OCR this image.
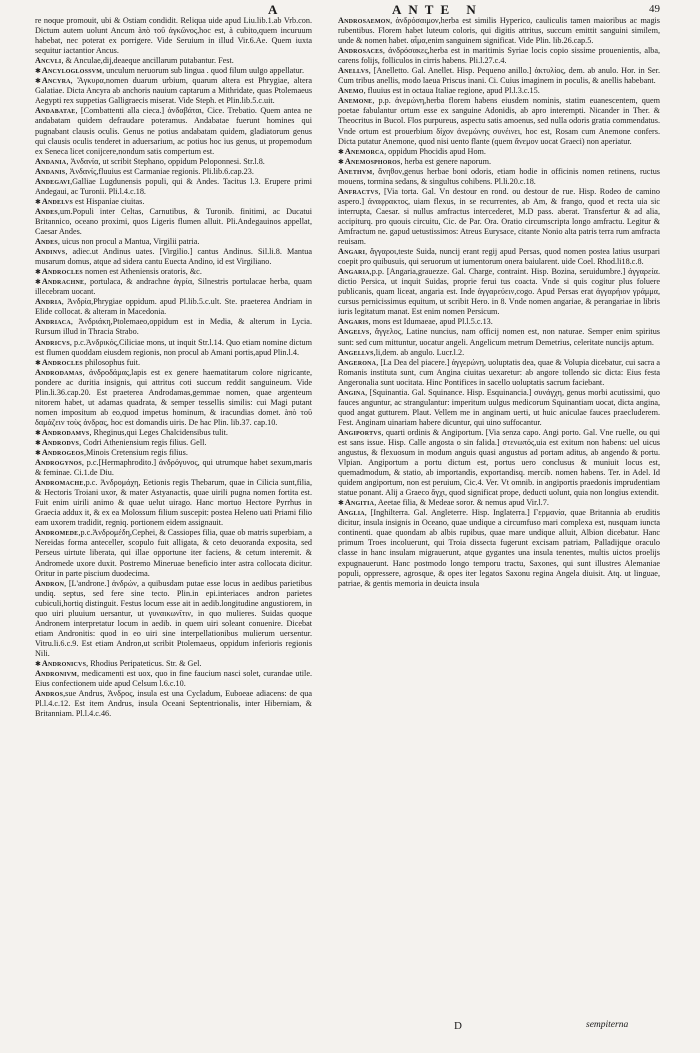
A	ANTE N	49

re nɵque promouit, ubi & Ostiam condidit. Reliqua uide apud Liu.lib.1.ab Vrb.con. Dictum autem uolunt Ancum àπὸ τοῦ ἀγκῶνος,hoc est, à cubito,quem incuruum habebat, nec poterat ex porrigere. Vide Seruium in illud Vir.6.Ae. Quem iuxta sequitur iactantior Ancus.

Ancvli, & Anculae,dij,deaeque ancillarum putabantur. Fest.

✱ Ancyloglossvm, unculum neruorum sub lingua . quod filum uulgo appellatur.

✱ Ancyra, Ἄγκυρα,nomen duarum urbium, quarum altera est Phrygiae, altera Galatiae. Dicta Ancyra ab anchoris nauium captarum a Mithridate, quas Ptolemaeus Aegypti rex suppetias Galligraecis miserat. Vide Steph. et Plin.lib.5.c.uit.

Andabatae, [Combattenti alla cieca.] ἀνδαβάται, Cice. Trebatio. Quem antea ne andabatam quidem defraudare poteramus. Andabatae fuerunt homines qui pugnabant clausis oculis. Genus ne potius andabatam quidem, gladiatorum genus qui clausis oculis tenderet in aduersarium, ac potius hoc ius genus, ut propemodum ex Seneca licet conijcere,nondum satis compertum est.

Andania, Ἀνδανία, ut scribit Stephano, oppidum Peloponnesi. Str.l.8.

Andanis, Ἀνδανίς,fluuius est Carmaniae regionis. Pli.lib.6.cap.23.

Andegavi,Galliae Lugdunensis populi, qui & Andes. Tacitus l.3. Erupere primi Andegaui, ac Turonii. Pli.l.4.c.18.

✱ Andelvs est Hispaniae ciuitas.

Andes,um.Populi inter Celtas, Carnutibus, & Turonib. finitimi, ac Ducatui Britannico, oceano proximi, quos Ligeris flumen alluit. Pli.Andegauinos appellat, Caesar Andes.

Andes, uicus non procul a Mantua, Virgilii patria.

Andinvs, adiec.ut Andinus uates. [Virgilio.] cantus Andinus. Sil.li.8. Mantua musarum domus, atque ad sidera cantu Euecta Andino, id est Virgiliano.

✱ Androcles nomen est Atheniensis oratoris, &c.

✱ Andrachne, portulaca, & andrachne ἀγρία, Silnestris portulacae herba, quam illecebram uocant.

Andria, Ἀνδρία,Phrygiae oppidum. apud Pl.lib.5.c.ult. Ste. praeterea Andriam in Elide collocat. & alteram in Macedonia.

Andriaca, Ἀνδριάκη,Ptolemaeo,oppidum est in Media, & alterum in Lycia. Rursum illud in Thracia Strabo.

Andricvs, p.c.Ἀνδρικός,Ciliciae mons, ut inquit Str.l.14. Quo etiam nomine dictum est flumen quoddam eiusdem regionis, non procul ab Amani portis,apud Plin.l.4.

✱ Androcles philosophus fuit.

Androdamas, ἀνδροδάμας,lapis est ex genere haematitarum colore nigricante, pondere ac duritia insignis, qui attritus coti succum reddit sanguineum. Vide Plin.li.36.cap.20. Est praeterea Androdamas,gemmae nomen, quae argenteum nitorem habet, ut adamas quadrata, & semper tessellis similis: cui Magi putant nomen impositum ab eo,quod impetus hominum, & iracundias domet. àπὸ τοῦ δαμάζειν τοὺς ἀνδρας, hoc est domandis uiris. De hac Plin. lib.37. cap.10.

✱ Androdamvs, Rheginus,qui Leges Chalcidensibus tulit.

✱ Androdvs, Codri Atheniensium regis filius. Gell.

✱ Androgeos,Minois Cretensium regis filius.

Androgynos, p.c.[Hermaphrodito.] ἀνδρόγυνος, qui utrumque habet sexum,maris & feminae. Ci.1.de Diu.

Andromache,p.c. Ἀνδρομάχη, Eetionis regis Thebarum, quae in Cilicia sunt,filia, & Hectoris Troiani uxor, & mater Astyanactis, quae uirili pugna nomen fortita est. Fuit enim uirili animo & quae uelut uirago. Hanc mortuo Hectore Pyrrhus in Graecia addux it, & ex ea Molossum filium suscepit: postea Heleno uati Priami filio eam uxorem tradidit, regniq. portionem eidem assignauit.

Andromede,p.c.Ἀνδρομέδη,Cephei, & Cassiopes filia, quae ob matris superbiam, a Nereidas forma anteceller, scopulo fuit alligata, & ceto deuoranda exposita, sed Perseus uirtute liberata, qui illae opportune iter faciens, & cetum interemit. & Andromede uxore duxit. Postremo Mineruae beneficio inter astra collocata dicitur. Oritur in parte piscium duodecima.

Andron, [L'androne.] ἀνδρών, a quibusdam putae esse locus in aedibus parietibus undiq. septus, sed fere sine tecto. Plin.in epi.interiaces andron parietes cubiculi,hortiq distinguit. Festus locum esse ait in aedib.longitudine angustiorem, in quo uiri pluuium uersantur, ut γυναικωνῖτιν, in quo mulieres. Suidas quoque Andronem interpretatur locum in aedib. in quem uiri soleant conuenire. Dicebat etiam Andronitis: quod in eo uiri sine interpellationibus mulierum uersentur. Vitru.li.6.c.9. Est etiam Andron,ut scribit Ptolemaeus, oppidum inferioris regionis Nili.

✱ Andronicvs, Rhodius Peripateticus. Str. & Gel.

Andronivm, medicamenti est uox, quo in fine faucium nasci solet, curandae utile. Eius confectionem uide apud Celsum l.6.c.10.

Andros,sue Andrus, Ἀνδρος, insula est una Cycladum, Euboeae adiacens: de qua Pl.l.4.c.12. Est item Andrus, insula Oceani Septentrionalis, inter Hiberniam, & Britanniam. Pl.l.4.c.46.

Androsaemon, ἀνδρόσαιμον,herba est similis Hyperico, cauliculis tamen maioribus ac magis rubentibus. Florem habet luteum coloris, qui digitis attritus, succum emittit sanguini similem, unde & nomen habet. αἷμα,enim sanguinem significat. Vide Plin. lib.26.cap.5.

Androsaces, ἀνδρόσακες,herba est in maritimis Syriae locis copio sissime prouenientis, alba, carens folijs, folliculos in cirris habens. Pli.l.27.c.4.

Anellvs, [Anelletto. Gal. Anellet. Hisp. Pequeno anillo.] ἀκτυλίος, dem. ab anulo. Hor. in Ser. Cum tribus anellis, modo laeua Priscus inani. Ci. Cuius imaginem in poculis, & anellis habebant.

Anemo, fluuius est in octaua Italiae regione, apud Pl.l.3.c.15.

Anemone, p.p. ἀνεμώνη,herba florem habens eiusdem nominis, statim euanescentem, quem poetae fabulantur ortum esse ex sanguine Adonidis, ab apro interempti. Nicander in Ther. & Theocritus in Bucol. Flos purpureus, aspectu satis amoenus, sed nulla odoris gratia commendatus. Vnde ortum est prouerbium δίχον ἀνεμώνης συνέινει, hoc est, Rosam cum Anemone confers. Dicta putatur Anemone, quod nisi uento flante (quem ἄνεμον uocat Graeci) non aperiatur.

✱ Anemorca, oppidum Phocidis apud Hom.

✱ Anemosphoros, herba est genere naporum.

Anethvm, ἄνηθον,genus herbae boni odoris, etiam hodie in officinis nomen retinens, ructus mouens, tormina sedans, & singultus cohibens. Pl.li.20.c.18.

Anfractvs, [Via torta. Gal. Vn destour en rond. ou destour de rue. Hisp. Rodeo de camino aspero.] ἀναφρακτος, uiam flexus, in se recurrentes, ab Am, & frango, quod et recta uia sic interrupta, Caesar. si nullus amfractus intercederet, M.D pass. aberat. Transfertur & ad alia, accipiturq. pro quouis circuitu, Cic. de Par. Ora. Oratio circumscripta longo amfractu. Legitur & Amfractum ne. gapud uetustissimos: Atreus Eurysace, citante Nonio alta patris terra rum amfracta reuisam.

Angari, ἄγγαροι,teste Suida, nuncij erant regij apud Persas, quod nomen postea latius usurpari coepit pro quibusuis, qui seruorum ut iumentorum onera baiularent. uide Coel. Rhod.li18.c.8.

Angaria,p.p. [Angaria,grauezze. Gal. Charge, contraint. Hisp. Bozina, seruidumbre.] ἀγγαρεία. dictio Persica, ut inquit Suidas, proprie ferui tus coacta. Vnde si quis cogitur plus foluere publicanis, quam liceat, angaria est. Inde ἀγγαρεύειν,cogo. Apud Persas erat ἀγγαρήιον γράμμα, cursus pernicissimus equitum, ut scribit Hero. in 8. Vnde nomen angariae, & perangariae in libris iuris legitatum manat. Est enim nomen Persicum.

Angaris, mons est Idumaeae, apud Pl.l.5.c.13.

Angelvs, ἄγγελος, Latine nuncius, nam officij nomen est, non naturae. Semper enim spiritus sunt: sed cum mittuntur, uocatur angeli. Angelicum metrum Demetrius, celeritate nuncijs aptum.

Angellvs,li,dem. ab angulo. Lucr.l.2.

Angerona, [La Dea del piacere.] ἀγγερώνη, uoluptatis dea, quae & Volupia dicebatur, cui sacra a Romanis instituta sunt, cum Angina ciuitas uexaretur: ab angore tollendo sic dicta: Eius festa Angeronalia sunt uocitata. Hinc Pontifices in sacello uoluptatis sacrum faciebant.

Angina, [Squinantia. Gal. Squinance. Hisp. Esquinancia.] συνάγχη, genus morbi acutissimi, quo fauces anguntur, ac strangulantur: imperitum uulgus medicorum Squinantiam uocat, dicta angina, quod angat gutturem. Plaut. Vellem me in anginam uerti, ut huic aniculae fauces praecluderem. Fest. Anginam uinariam habere dicuntur, qui uino suffocantur.

Angiportvs, quarti ordinis & Angiportum. [Via senza capo. Angi porto. Gal. Vne ruelle, ou qui est sans issue. Hisp. Calle angosta o sin falida.] στενωπός,uia est exitum non habens: uel uicus angustus, & flexuosum in modum anguis quasi angustus ad portam aditus, ab angendo & portu. Vlpian. Angiportum a portu dictum est, portus uero conclusus & muniuit locus est, quemadmodum, & statio, ab importandis, exportandisq. mercib. nomen habens. Ter. in Adel. Id quidem angiportum, non est peruium, Cic.4. Ver. Vt omnib. in angiportis praedonis imprudentiam statue ponant. Alij a Graeco ἄγχι, quod significat prope, deducti uolunt, quia non longius extendit.

✱ Angitia, Aeetae filia, & Medeae soror. & nemus apud Vir.l.7.

Anglia, [Inghilterra. Gal. Angleterre. Hisp. Inglaterra.] Γερμανία, quae Britannia ab eruditis dicitur, insula insignis in Oceano, quae undique a circumfuso mari complexa est, nusquam iuncta continenti. quae quondam ab albis rupibus, quae mare undique alluit, Albion dicebatur. Hanc primum Troes incoluerunt, qui Troia dissecta fugerunt excisam patriam, Palladijque oraculo classe in hanc insulam migrauerunt, atque gygantes una insula tenentes, multis uictos proelijs expugnauerunt. Hanc postmodo longo temporu tractu, Saxones, qui sunt illustres Alemaniae populi, oppressere, agrosque, & opes iter legatos Saxonu regina Angela diuisit. Atq. ut linguae, patriae, & gentis memoria in deuicta insula

D	sempiterna
